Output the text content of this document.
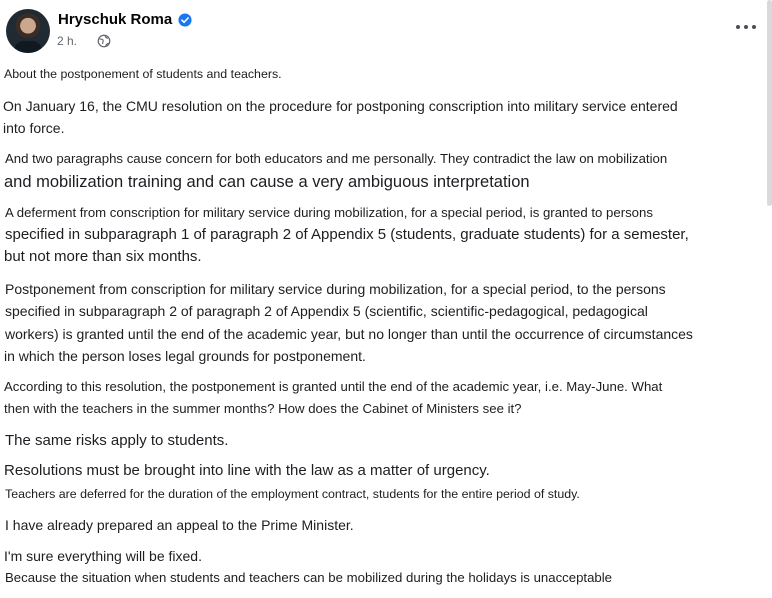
Hryschuk Roma
2 h.
About the postponement of students and teachers.
On January 16, the CMU resolution on the procedure for postponing conscription into military service entered
into force.
And two paragraphs cause concern for both educators and me personally. They contradict the law on mobilization
and mobilization training and can cause a very ambiguous interpretation
A deferment from conscription for military service during mobilization, for a special period, is granted to persons
specified in subparagraph 1 of paragraph 2 of Appendix 5 (students, graduate students) for a semester,
but not more than six months.
Postponement from conscription for military service during mobilization, for a special period, to the persons
specified in subparagraph 2 of paragraph 2 of Appendix 5 (scientific, scientific-pedagogical, pedagogical
workers) is granted until the end of the academic year, but no longer than until the occurrence of circumstances
in which the person loses legal grounds for postponement.
According to this resolution, the postponement is granted until the end of the academic year, i.e. May-June. What
then with the teachers in the summer months? How does the Cabinet of Ministers see it?
The same risks apply to students.
Resolutions must be brought into line with the law as a matter of urgency.
Teachers are deferred for the duration of the employment contract, students for the entire period of study.
I have already prepared an appeal to the Prime Minister.
I'm sure everything will be fixed.
Because the situation when students and teachers can be mobilized during the holidays is unacceptable
